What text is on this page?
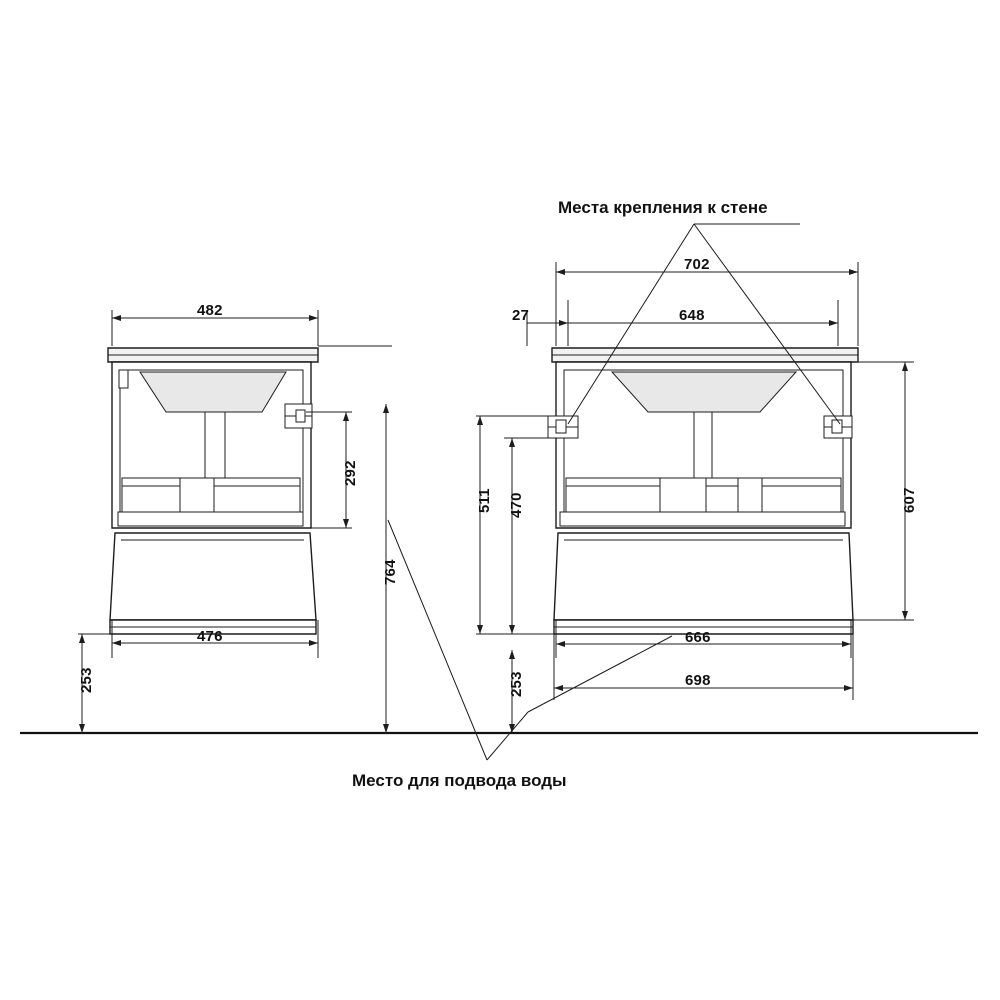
Места крепления к стене
Место для подвода воды
482
292
764
476
253
702
27	648
607
511 470
253
666
698
